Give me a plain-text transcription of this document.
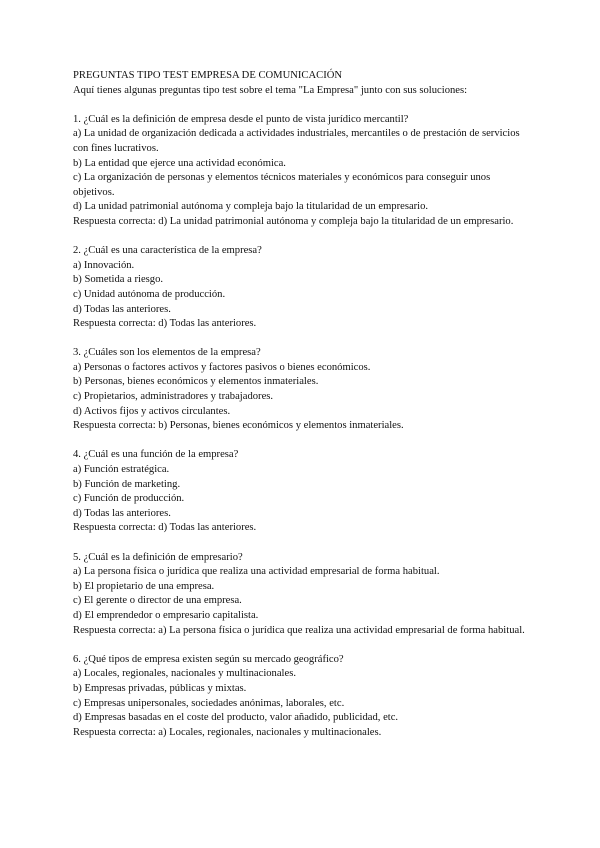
PREGUNTAS TIPO TEST EMPRESA DE COMUNICACIÓN

Aquí tienes algunas preguntas tipo test sobre el tema "La Empresa" junto con sus soluciones:

1. ¿Cuál es la definición de empresa desde el punto de vista jurídico mercantil?

a) La unidad de organización dedicada a actividades industriales, mercantiles o de prestación de servicios con fines lucrativos.

b) La entidad que ejerce una actividad económica.

c) La organización de personas y elementos técnicos materiales y económicos para conseguir unos objetivos.

d) La unidad patrimonial autónoma y compleja bajo la titularidad de un empresario.

Respuesta correcta: d) La unidad patrimonial autónoma y compleja bajo la titularidad de un empresario.

2. ¿Cuál es una característica de la empresa?

a) Innovación.

b) Sometida a riesgo.

c) Unidad autónoma de producción.

d) Todas las anteriores.

Respuesta correcta: d) Todas las anteriores.

3. ¿Cuáles son los elementos de la empresa?

a) Personas o factores activos y factores pasivos o bienes económicos.

b) Personas, bienes económicos y elementos inmateriales.

c) Propietarios, administradores y trabajadores.

d) Activos fijos y activos circulantes.

Respuesta correcta: b) Personas, bienes económicos y elementos inmateriales.

4. ¿Cuál es una función de la empresa?

a) Función estratégica.

b) Función de marketing.

c) Función de producción.

d) Todas las anteriores.

Respuesta correcta: d) Todas las anteriores.

5. ¿Cuál es la definición de empresario?

a) La persona física o jurídica que realiza una actividad empresarial de forma habitual.

b) El propietario de una empresa.

c) El gerente o director de una empresa.

d) El emprendedor o empresario capitalista.

Respuesta correcta: a) La persona física o jurídica que realiza una actividad empresarial de forma habitual.

6. ¿Qué tipos de empresa existen según su mercado geográfico?

a) Locales, regionales, nacionales y multinacionales.

b) Empresas privadas, públicas y mixtas.

c) Empresas unipersonales, sociedades anónimas, laborales, etc.

d) Empresas basadas en el coste del producto, valor añadido, publicidad, etc.

Respuesta correcta: a) Locales, regionales, nacionales y multinacionales.
